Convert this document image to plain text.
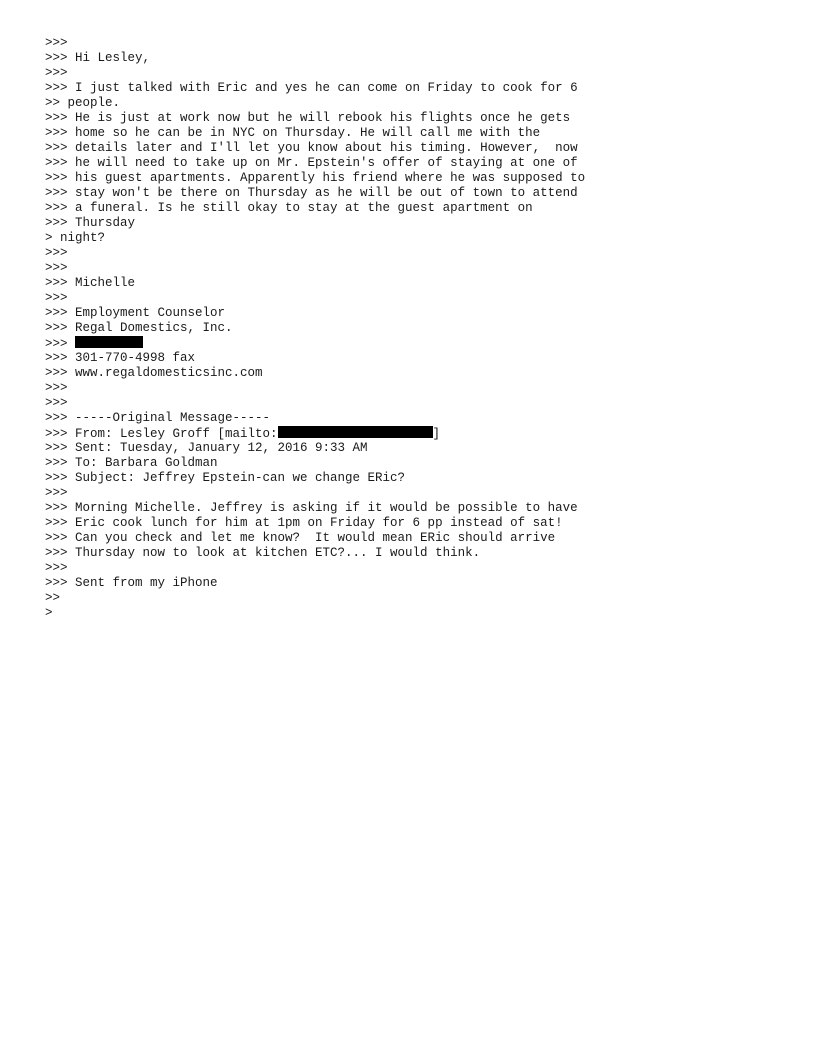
>>>
>>> Hi Lesley,
>>>
>>> I just talked with Eric and yes he can come on Friday to cook for 6
>> people.
>>> He is just at work now but he will rebook his flights once he gets
>>> home so he can be in NYC on Thursday. He will call me with the
>>> details later and I'll let you know about his timing. However,  now
>>> he will need to take up on Mr. Epstein's offer of staying at one of
>>> his guest apartments. Apparently his friend where he was supposed to
>>> stay won't be there on Thursday as he will be out of town to attend
>>> a funeral. Is he still okay to stay at the guest apartment on
>>> Thursday
> night?
>>>
>>>
>>> Michelle
>>>
>>> Employment Counselor
>>> Regal Domestics, Inc.
>>>
>>> 301-770-4998 fax
>>> www.regaldomesticsinc.com
>>>
>>>
>>> -----Original Message-----
>>> From: Lesley Groff [mailto:	]
>>> Sent: Tuesday, January 12, 2016 9:33 AM
>>> To: Barbara Goldman
>>> Subject: Jeffrey Epstein-can we change ERic?
>>>
>>> Morning Michelle. Jeffrey is asking if it would be possible to have
>>> Eric cook lunch for him at 1pm on Friday for 6 pp instead of sat!
>>> Can you check and let me know?  It would mean ERic should arrive
>>> Thursday now to look at kitchen ETC?... I would think.
>>>
>>> Sent from my iPhone
>>
>
